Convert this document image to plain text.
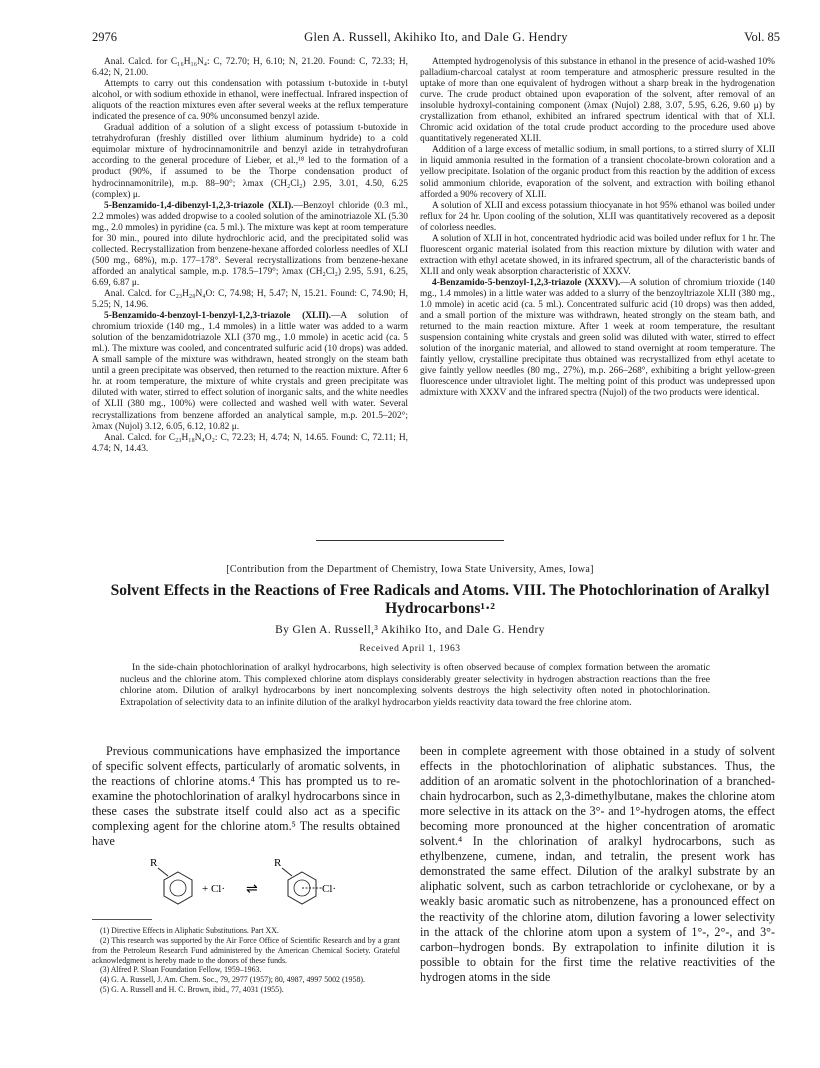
2976	Glen A. Russell, Akihiko Ito, and Dale G. Hendry	Vol. 85

Anal. Calcd. for C₁₆H₁₆N₄: C, 72.70; H, 6.10; N, 21.20. Found: C, 72.33; H, 6.42; N, 21.00.

Attempts to carry out this condensation with potassium t-butoxide in t-butyl alcohol, or with sodium ethoxide in ethanol, were ineffectual. Infrared inspection of aliquots of the reaction mixtures even after several weeks at the reflux temperature indicated the presence of ca. 90% unconsumed benzyl azide.

Gradual addition of a solution of a slight excess of potassium t-butoxide in tetrahydrofuran (freshly distilled over lithium aluminum hydride) to a cold equimolar mixture of hydrocinnamonitrile and benzyl azide in tetrahydrofuran according to the general procedure of Lieber, et al.,¹⁸ led to the formation of a product (90%, if assumed to be the Thorpe condensation product of hydrocinnamonitrile), m.p. 88–90°; λmax (CH₂Cl₂) 2.95, 3.01, 4.50, 6.25 (complex) μ.

5-Benzamido-1,4-dibenzyl-1,2,3-triazole (XLI).—Benzoyl chloride (0.3 ml., 2.2 mmoles) was added dropwise to a cooled solution of the aminotriazole XL (5.30 mg., 2.0 mmoles) in pyridine (ca. 5 ml.). The mixture was kept at room temperature for 30 min., poured into dilute hydrochloric acid, and the precipitated solid was collected. Recrystallization from benzene-hexane afforded colorless needles of XLI (500 mg., 68%), m.p. 177–178°. Several recrystallizations from benzene-hexane afforded an analytical sample, m.p. 178.5–179°; λmax (CH₂Cl₂) 2.95, 5.91, 6.25, 6.69, 6.87 μ.

Anal. Calcd. for C₂₃H₂₀N₄O: C, 74.98; H, 5.47; N, 15.21. Found: C, 74.90; H, 5.25; N, 14.96.

5-Benzamido-4-benzoyl-1-benzyl-1,2,3-triazole (XLII).—A solution of chromium trioxide (140 mg., 1.4 mmoles) in a little water was added to a warm solution of the benzamidotriazole XLI (370 mg., 1.0 mmole) in acetic acid (ca. 5 ml.). The mixture was cooled, and concentrated sulfuric acid (10 drops) was added. A small sample of the mixture was withdrawn, heated strongly on the steam bath until a green precipitate was observed, then returned to the reaction mixture. After 6 hr. at room temperature, the mixture of white crystals and green precipitate was diluted with water, stirred to effect solution of inorganic salts, and the white needles of XLII (380 mg., 100%) were collected and washed well with water. Several recrystallizations from benzene afforded an analytical sample, m.p. 201.5–202°; λmax (Nujol) 3.12, 6.05, 6.12, 10.82 μ.

Anal. Calcd. for C₂₃H₁₈N₄O₂: C, 72.23; H, 4.74; N, 14.65. Found: C, 72.11; H, 4.74; N, 14.43.

Attempted hydrogenolysis of this substance in ethanol in the presence of acid-washed 10% palladium-charcoal catalyst at room temperature and atmospheric pressure resulted in the uptake of more than one equivalent of hydrogen without a sharp break in the hydrogenation curve. The crude product obtained upon evaporation of the solvent, after removal of an insoluble hydroxyl-containing component (λmax (Nujol) 2.88, 3.07, 5.95, 6.26, 9.60 μ) by crystallization from ethanol, exhibited an infrared spectrum identical with that of XLI. Chromic acid oxidation of the total crude product according to the procedure used above quantitatively regenerated XLII.

Addition of a large excess of metallic sodium, in small portions, to a stirred slurry of XLII in liquid ammonia resulted in the formation of a transient chocolate-brown coloration and a yellow precipitate. Isolation of the organic product from this reaction by the addition of excess solid ammonium chloride, evaporation of the solvent, and extraction with boiling ethanol afforded a 90% recovery of XLII.

A solution of XLII and excess potassium thiocyanate in hot 95% ethanol was boiled under reflux for 24 hr. Upon cooling of the solution, XLII was quantitatively recovered as a deposit of colorless needles.

A solution of XLII in hot, concentrated hydriodic acid was boiled under reflux for 1 hr. The fluorescent organic material isolated from this reaction mixture by dilution with water and extraction with ethyl acetate showed, in its infrared spectrum, all of the characteristic bands of XLII and only weak absorption characteristic of XXXV.

4-Benzamido-5-benzoyl-1,2,3-triazole (XXXV).—A solution of chromium trioxide (140 mg., 1.4 mmoles) in a little water was added to a slurry of the benzoyltriazole XLII (380 mg., 1.0 mmole) in acetic acid (ca. 5 ml.). Concentrated sulfuric acid (10 drops) was then added, and a small portion of the mixture was withdrawn, heated strongly on the steam bath, and returned to the main reaction mixture. After 1 week at room temperature, the resultant suspension containing white crystals and green solid was diluted with water, stirred to effect solution of the inorganic material, and allowed to stand overnight at room temperature. The faintly yellow, crystalline precipitate thus obtained was recrystallized from ethyl acetate to give faintly yellow needles (80 mg., 27%), m.p. 266–268°, exhibiting a bright yellow-green fluorescence under ultraviolet light. The melting point of this product was undepressed upon admixture with XXXV and the infrared spectra (Nujol) of the two products were identical.

[Contribution from the Department of Chemistry, Iowa State University, Ames, Iowa]
Solvent Effects in the Reactions of Free Radicals and Atoms. VIII. The Photochlorination of Aralkyl Hydrocarbons¹·²
By Glen A. Russell,³ Akihiko Ito, and Dale G. Hendry
Received April 1, 1963
In the side-chain photochlorination of aralkyl hydrocarbons, high selectivity is often observed because of complex formation between the aromatic nucleus and the chlorine atom. This complexed chlorine atom displays considerably greater selectivity in hydrogen abstraction reactions than the free chlorine atom. Dilution of aralkyl hydrocarbons by inert noncomplexing solvents destroys the high selectivity often noted in photochlorination. Extrapolation of selectivity data to an infinite dilution of the aralkyl hydrocarbon yields reactivity data toward the free chlorine atom.
Previous communications have emphasized the importance of specific solvent effects, particularly of aromatic solvents, in the reactions of chlorine atoms.⁴ This has prompted us to re-examine the photochlorination of aralkyl hydrocarbons since in these cases the substrate itself could also act as a specific complexing agent for the chlorine atom.⁵ The results obtained have
been in complete agreement with those obtained in a study of solvent effects in the photochlorination of aliphatic substances. Thus, the addition of an aromatic solvent in the photochlorination of a branched-chain hydrocarbon, such as 2,3-dimethylbutane, makes the chlorine atom more selective in its attack on the 3°- and 1°-hydrogen atoms, the effect becoming more pronounced at the higher concentration of aromatic solvent.⁴ In the chlorination of aralkyl hydrocarbons, such as ethylbenzene, cumene, indan, and tetralin, the present work has demonstrated the same effect. Dilution of the aralkyl substrate by an aliphatic solvent, such as carbon tetrachloride or cyclohexane, or by a weakly basic aromatic such as nitrobenzene, has a pronounced effect on the reactivity of the chlorine atom, dilution favoring a lower selectivity in the attack of the chlorine atom upon a system of 1°-, 2°-, and 3°-carbon–hydrogen bonds. By extrapolation to infinite dilution it is possible to obtain for the first time the relative reactivities of the hydrogen atoms in the side
R
+ Cl· ⇌
R
Cl·

(1) Directive Effects in Aliphatic Substitutions. Part XX.

(2) This research was supported by the Air Force Office of Scientific Research and by a grant from the Petroleum Research Fund administered by the American Chemical Society. Grateful acknowledgment is hereby made to the donors of these funds.

(3) Alfred P. Sloan Foundation Fellow, 1959–1963.

(4) G. A. Russell, J. Am. Chem. Soc., 79, 2977 (1957); 80, 4987, 4997 5002 (1958).

(5) G. A. Russell and H. C. Brown, ibid., 77, 4031 (1955).
